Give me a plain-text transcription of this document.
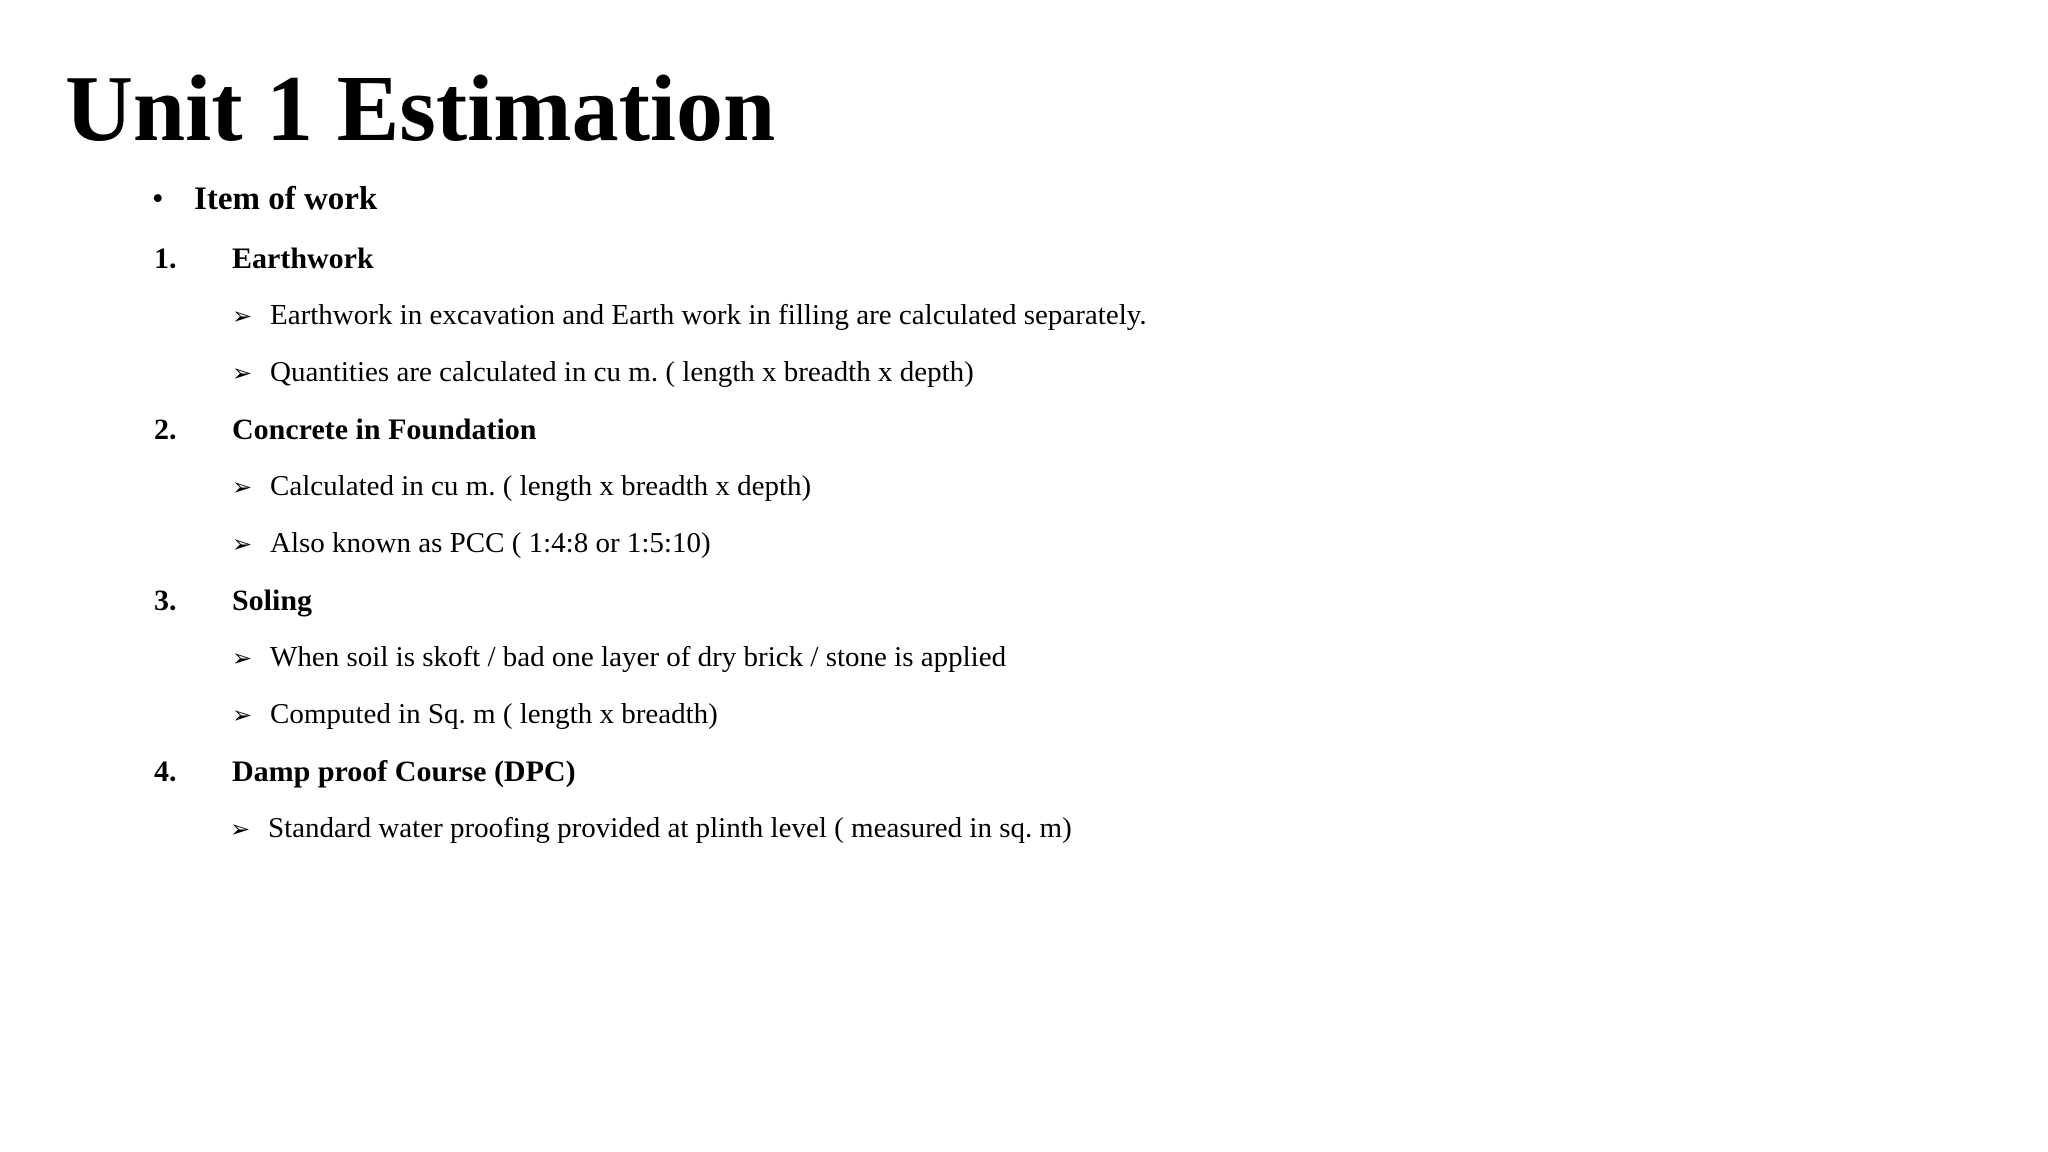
Unit 1 Estimation
• Item of work
1. Earthwork
➢ Earthwork in excavation and Earth work in filling are calculated separately.
➢ Quantities are calculated in cu m. ( length x breadth x depth)
2. Concrete in Foundation
➢ Calculated in cu m. ( length x breadth x depth)
➢ Also known as PCC ( 1:4:8 or 1:5:10)
3. Soling
➢ When soil is skoft / bad one layer of dry brick / stone is applied
➢ Computed in Sq. m ( length x breadth)
4. Damp proof Course (DPC)
➢ Standard water proofing provided at plinth level ( measured in sq. m)
